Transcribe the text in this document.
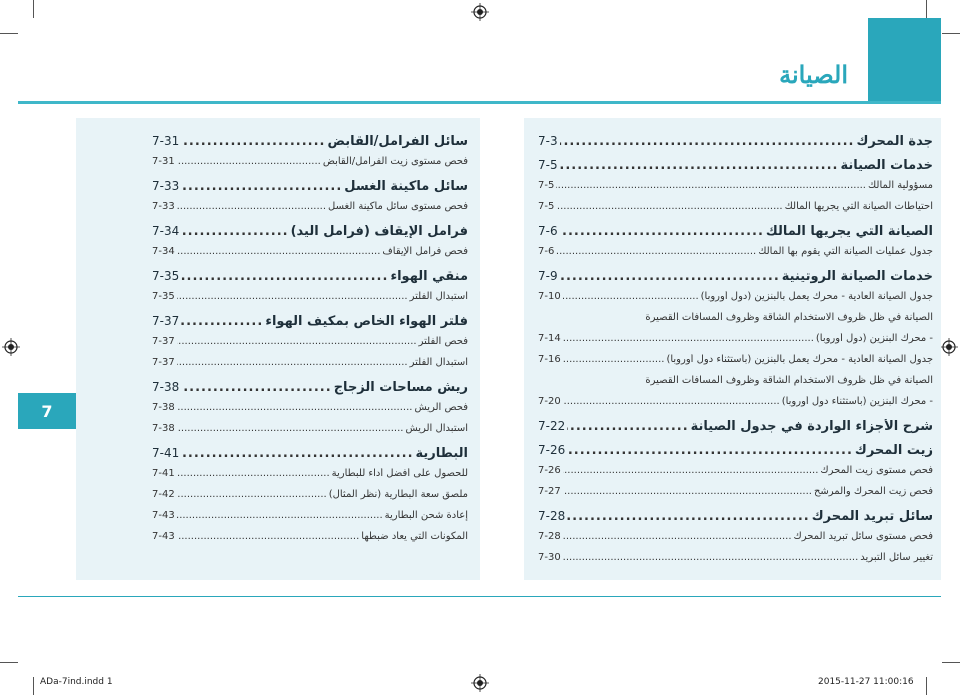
الصيانة
7
جدة المحرك
.....
7-3
خدمات الصيانة
.....
7-5
مسؤولية المالك
.....
7-5
احتياطات الصيانة التي يجريها المالك
.....
7-5
الصيانة التي يجريها المالك
.....
7-6
جدول عمليات الصيانة التي يقوم بها المالك
.....
7-6
خدمات الصيانة الروتينية
.....
7-9
جدول الصيانة العادية - محرك يعمل بالبنزين (دول أوروبا)
.....
7-10
الصيانة في ظل ظروف الاستخدام الشاقة وظروف المسافات القصيرة
- محرك البنزين (دول أوروبا)
.....
7-14
جدول الصيانة العادية - محرك يعمل بالبنزين (باستثناء دول أوروبا)
.....
7-16
الصيانة في ظل ظروف الاستخدام الشاقة وظروف المسافات القصيرة
- محرك البنزين (باستثناء دول أوروبا)
.....
7-20
شرح الأجزاء الواردة في جدول الصيانة
.....
7-22
زيت المحرك
.....
7-26
فحص مستوى زيت المحرك
.....
7-26
فحص زيت المحرك والمرشح
.....
7-27
سائل تبريد المحرك
.....
7-28
فحص مستوى سائل تبريد المحرك
.....
7-28
تغيير سائل التبريد
.....
7-30
سائل الفرامل/القابض
.....
7-31
فحص مستوى زيت الفرامل/القابض
.....
7-31
سائل ماكينة الغسل
.....
7-33
فحص مستوى سائل ماكينة الغسل
.....
7-33
فرامل الإيقاف (فرامل اليد)
.....
7-34
فحص فرامل الإيقاف
.....
7-34
منقي الهواء
.....
7-35
استبدال الفلتر
.....
7-35
فلتر الهواء الخاص بمكيف الهواء
.....
7-37
فحص الفلتر
.....
7-37
استبدال الفلتر
.....
7-37
ريش مساحات الزجاج
.....
7-38
فحص الريش
.....
7-38
استبدال الريش
.....
7-38
البطارية
.....
7-41
للحصول على أفضل أداء للبطارية
.....
7-41
ملصق سعة البطارية (نظر المثال)
.....
7-42
إعادة شحن البطارية
.....
7-43
المكونات التي يعاد ضبطها
.....
7-43
ADa-7ind.indd 1	2015-11-27 11:00:16
